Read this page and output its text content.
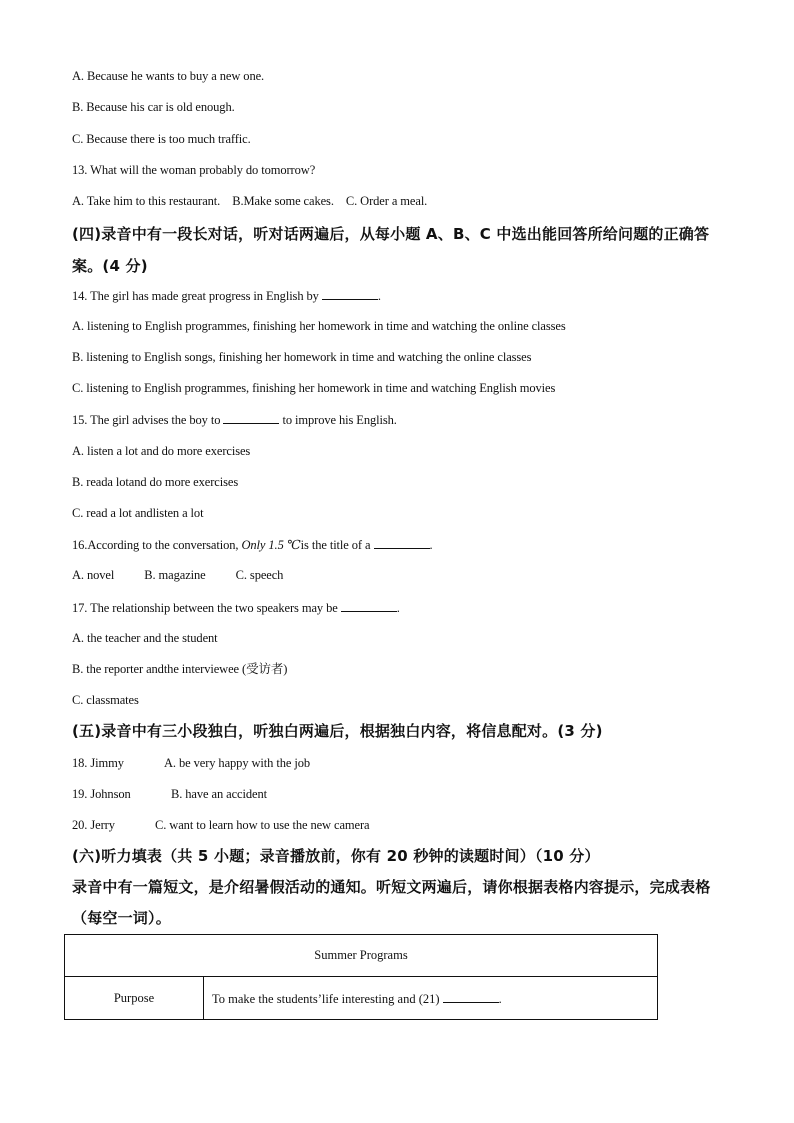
A. Because he wants to buy a new one.
B. Because his car is old enough.
C. Because there is too much traffic.
13. What will the woman probably do tomorrow?
A. Take him to this restaurant. B.Make some cakes. C. Order a meal.
(四)录音中有一段长对话，听对话两遍后，从每小题 A、B、C 中选出能回答所给问题的正确答案。(4 分)
14. The girl has made great progress in English by	.
A. listening to English programmes, finishing her homework in time and watching the online classes
B. listening to English songs, finishing her homework in time and watching the online classes
C. listening to English programmes, finishing her homework in time and watching English movies
15. The girl advises the boy to	to improve his English.
A. listen a lot and do more exercises
B. reada lotand do more exercises
C. read a lot andlisten a lot
16.According to the conversation, Only 1.5 ℃is the title of a	.
A. novel B. magazine C. speech
17. The relationship between the two speakers may be	.
A. the teacher and the student
B. the reporter andthe interviewee (受访者)
C. classmates
(五)录音中有三小段独白，听独白两遍后，根据独白内容，将信息配对。(3 分)
18. Jimmy	A. be very happy with the job
19. Johnson	B. have an accident
20. Jerry	C. want to learn how to use the new camera
(六)听力填表（共 5 小题；录音播放前，你有 20 秒钟的读题时间）（10 分）
录音中有一篇短文，是介绍暑假活动的通知。听短文两遍后，请你根据表格内容提示，完成表格（每空一词）。
Summer Programs
Purpose	To make the students’life interesting and (21)	.
